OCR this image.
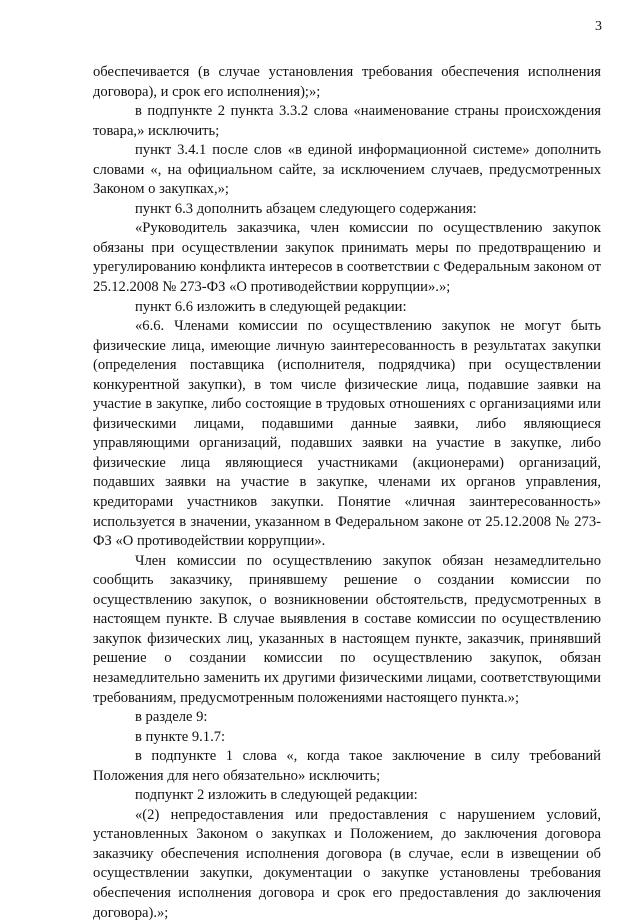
3

обеспечивается (в случае установления требования обеспечения исполнения договора), и срок его исполнения);»;

в подпункте 2 пункта 3.3.2 слова «наименование страны происхождения товара,» исключить;

пункт 3.4.1 после слов «в единой информационной системе» дополнить словами «, на официальном сайте, за исключением случаев, предусмотренных Законом о закупках,»;

пункт 6.3 дополнить абзацем следующего содержания:

«Руководитель заказчика, член комиссии по осуществлению закупок обязаны при осуществлении закупок принимать меры по предотвращению и урегулированию конфликта интересов в соответствии с Федеральным законом от 25.12.2008 № 273-ФЗ «О противодействии коррупции».»;

пункт 6.6 изложить в следующей редакции:

«6.6. Членами комиссии по осуществлению закупок не могут быть физические лица, имеющие личную заинтересованность в результатах закупки (определения поставщика (исполнителя, подрядчика) при осуществлении конкурентной закупки), в том числе физические лица, подавшие заявки на участие в закупке, либо состоящие в трудовых отношениях с организациями или физическими лицами, подавшими данные заявки, либо являющиеся управляющими организаций, подавших заявки на участие в закупке, либо физические лица являющиеся участниками (акционерами) организаций, подавших заявки на участие в закупке, членами их органов управления, кредиторами участников закупки. Понятие «личная заинтересованность» используется в значении, указанном в Федеральном законе от 25.12.2008 № 273-ФЗ «О противодействии коррупции».

Член комиссии по осуществлению закупок обязан незамедлительно сообщить заказчику, принявшему решение о создании комиссии по осуществлению закупок, о возникновении обстоятельств, предусмотренных в настоящем пункте. В случае выявления в составе комиссии по осуществлению закупок физических лиц, указанных в настоящем пункте, заказчик, принявший решение о создании комиссии по осуществлению закупок, обязан незамедлительно заменить их другими физическими лицами, соответствующими требованиям, предусмотренным положениями настоящего пункта.»;

в разделе 9:

в пункте 9.1.7:

в подпункте 1 слова «, когда такое заключение в силу требований Положения для него обязательно» исключить;

подпункт 2 изложить в следующей редакции:

«(2) непредоставления или предоставления с нарушением условий, установленных Законом о закупках и Положением, до заключения договора заказчику обеспечения исполнения договора (в случае, если в извещении об осуществлении закупки, документации о закупке установлены требования обеспечения исполнения договора и срок его предоставления до заключения договора).»;
